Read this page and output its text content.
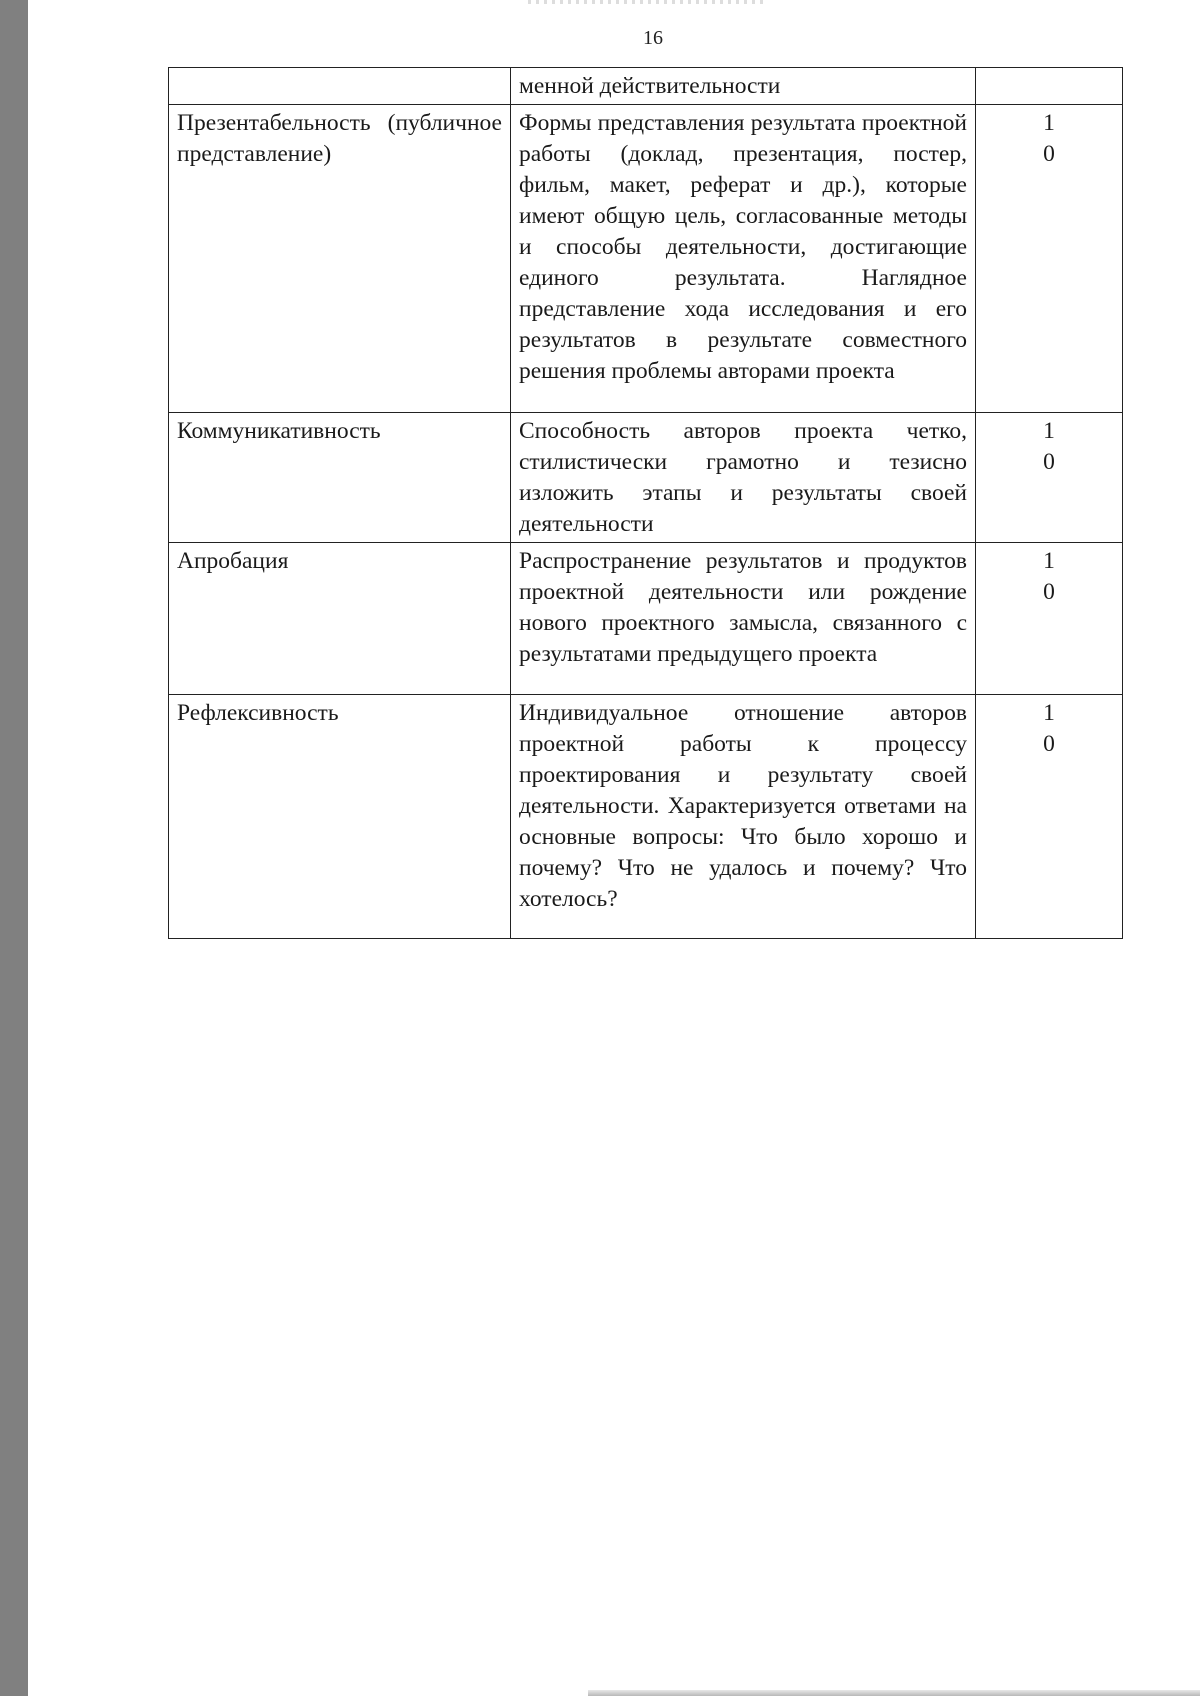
16
	менной действительности	
Презентабельность (публичное представление)	Формы представления результата проектной работы (доклад, презентация, постер, фильм, макет, реферат и др.), которые имеют общую цель, согласованные методы и способы деятельности, достигающие единого результата. Наглядное представление хода исследования и его результатов в результате совместного решения проблемы авторами проекта	1
0

Коммуникативность	Способность авторов проекта четко, стилистически грамотно и тезисно изложить этапы и результаты своей деятельности	1
0

Апробация	Распространение результатов и продуктов проектной деятельности или рождение нового проектного замысла, связанного с результатами предыдущего проекта	1
0

Рефлексивность	Индивидуальное отношение авторов проектной работы к процессу проектирования и результату своей деятельности. Характеризуется ответами на основные вопросы: Что было хорошо и почему? Что не удалось и почему? Что хотелось?	1
0
